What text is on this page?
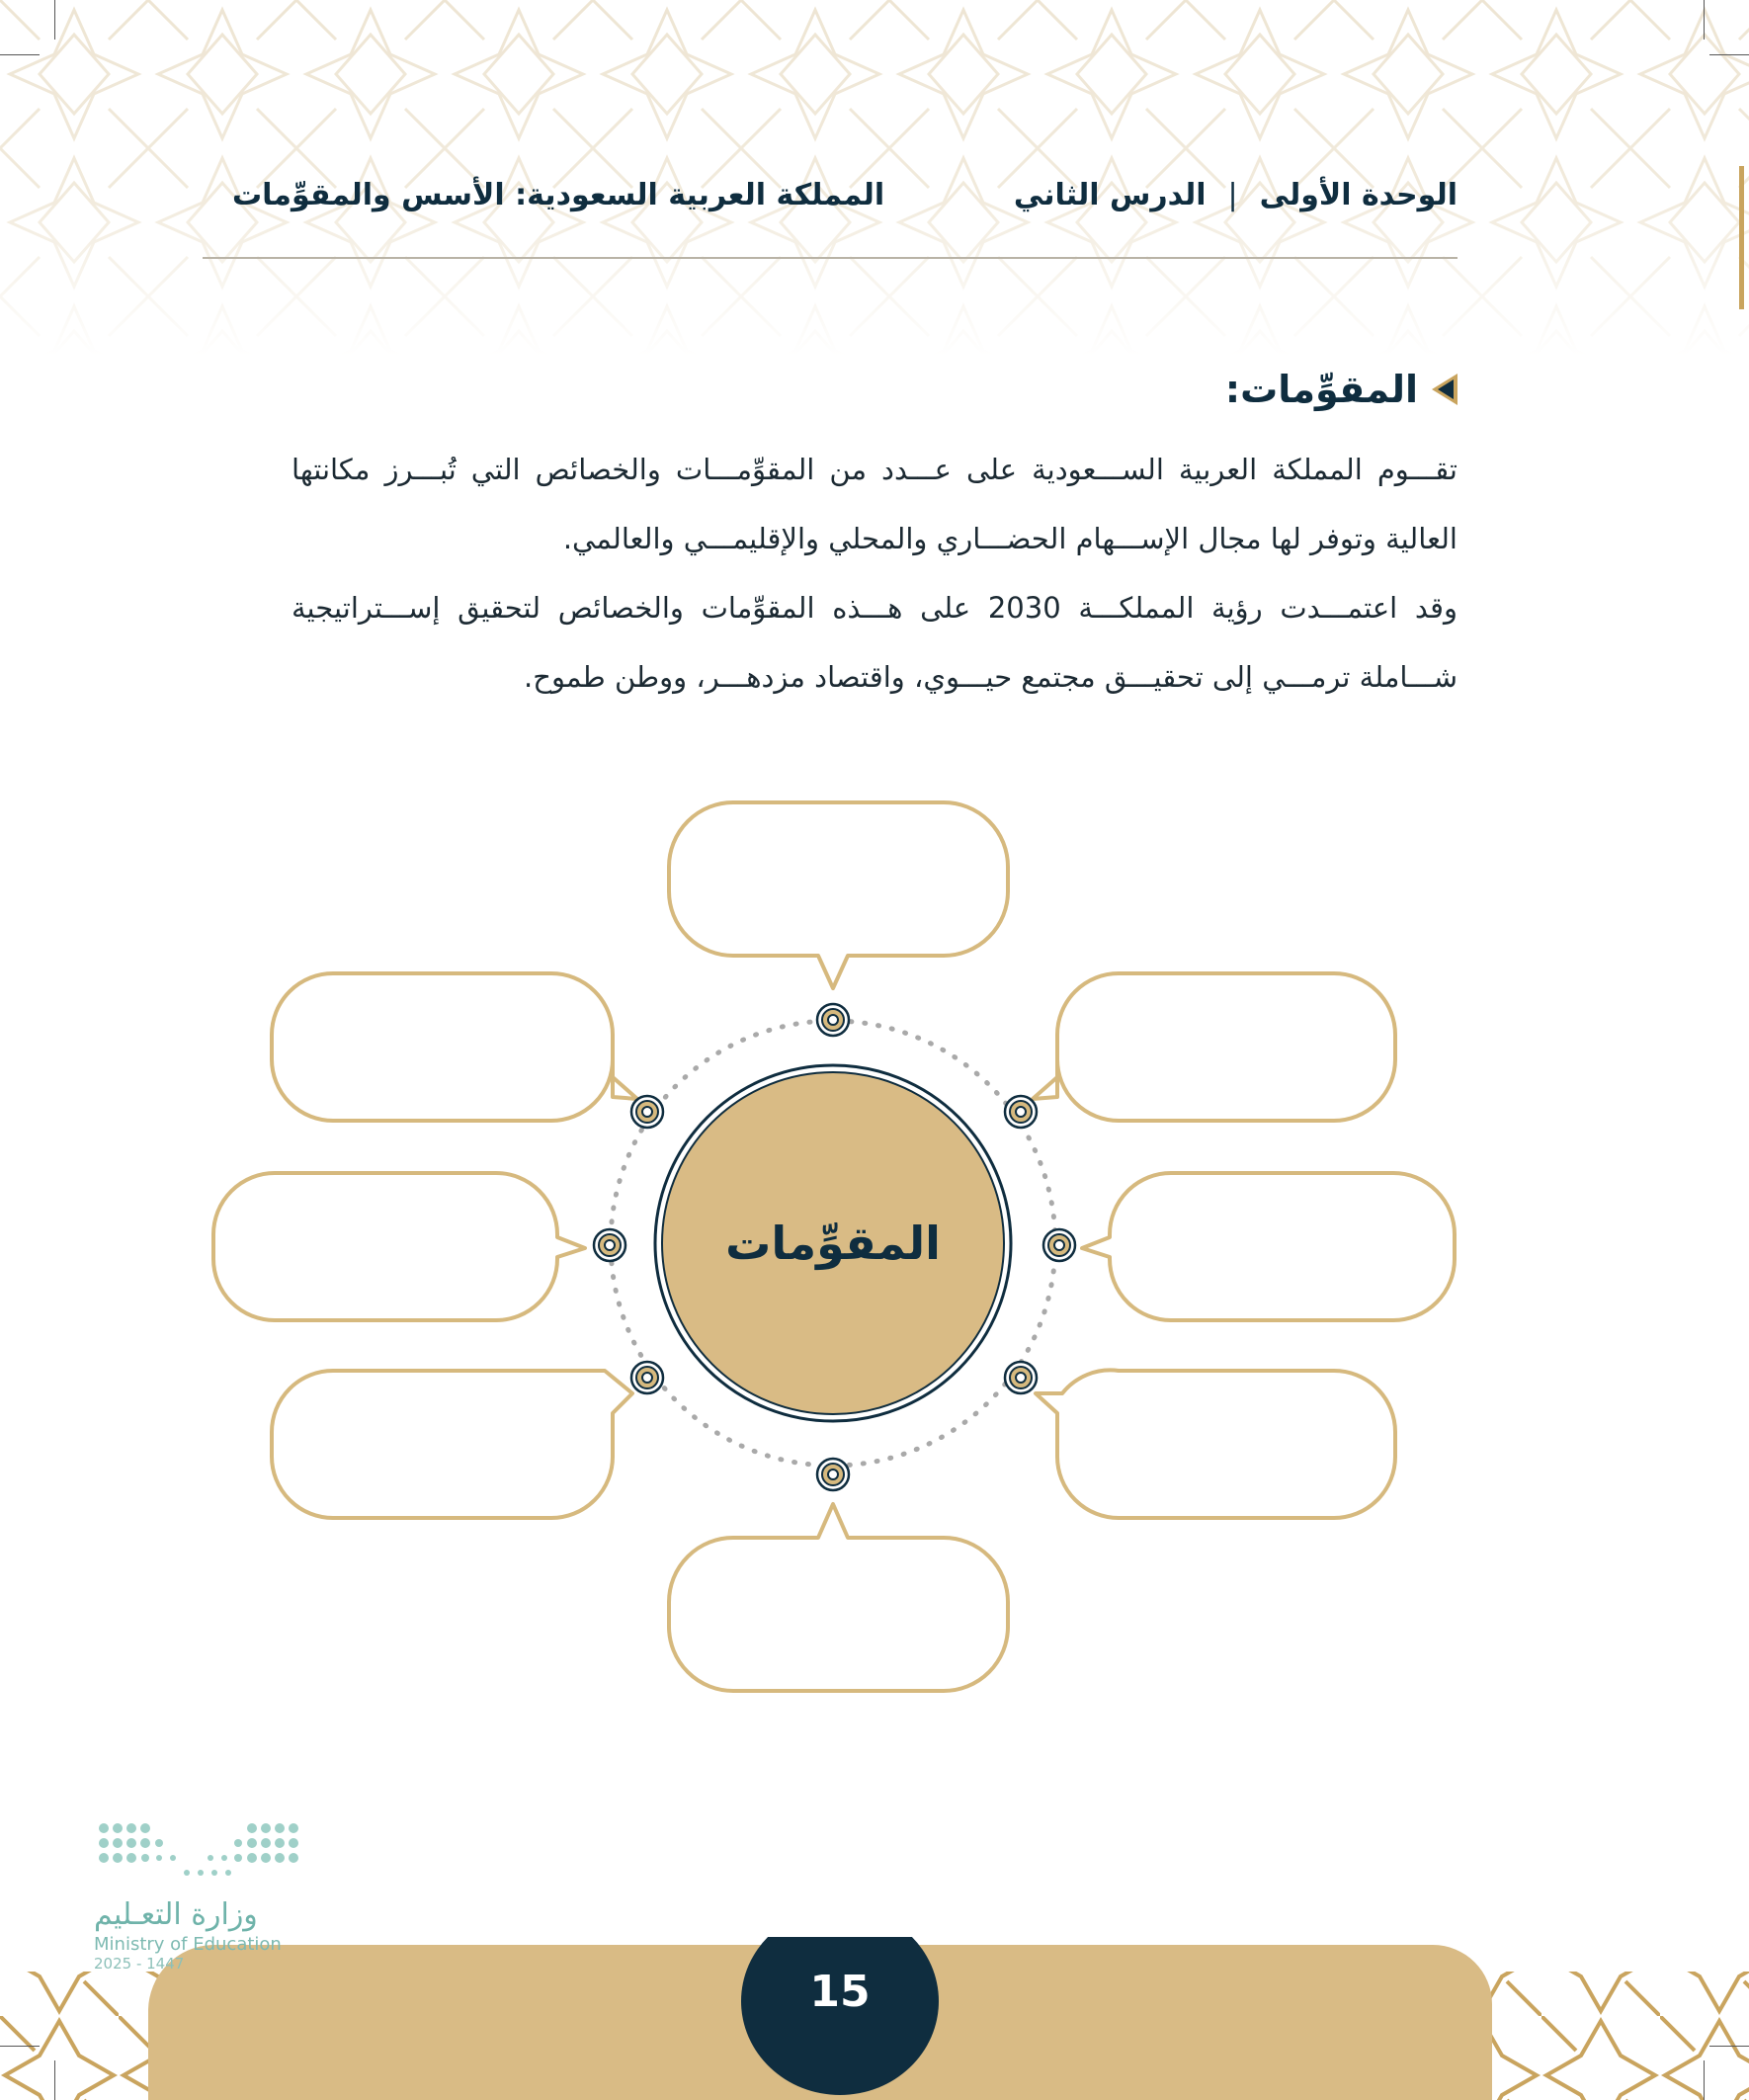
الوحدة الأولى|الدرس الثاني
المملكة العربية السعودية: الأسس والمقوِّمات
المقوِّمات:
تقـــوم المملكة العربية الســـعودية على عـــدد من المقوِّمـــات والخصائص التي تُبـــرز مكانتها العالية وتوفر لها مجال الإســـهام الحضـــاري والمحلي والإقليمـــي والعالمي.
وقد اعتمـــدت رؤية المملكـــة 2030 على هـــذه المقوِّمات والخصائص لتحقيق إســـتراتيجية شـــاملة ترمـــي إلى تحقيـــق مجتمع حيـــوي، واقتصاد مزدهـــر، ووطن طموح.
المقوِّمات
15
وزارة التعـليم
Ministry of Education
2025 - 1447
